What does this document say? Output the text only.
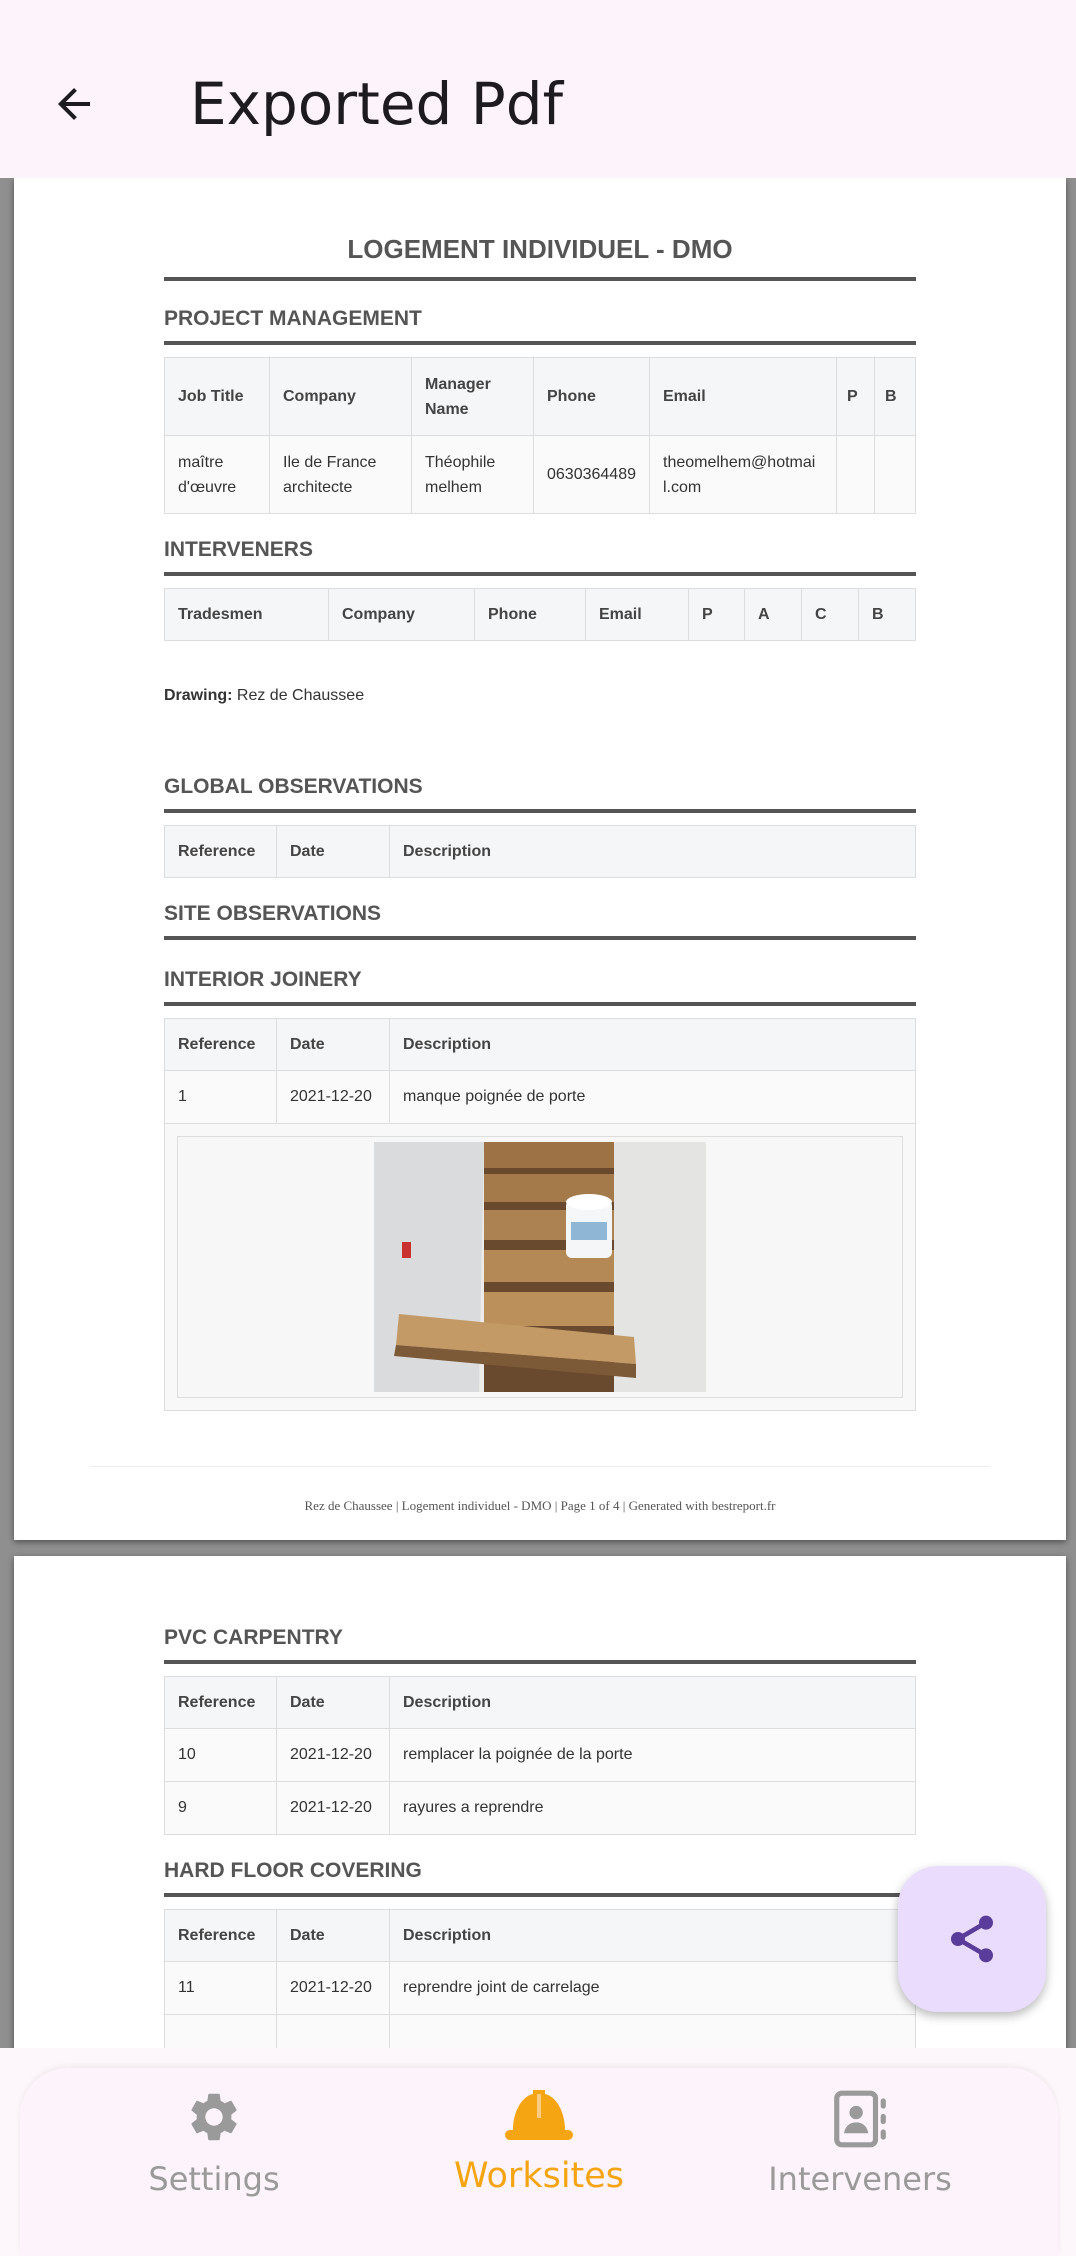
Exported Pdf
LOGEMENT INDIVIDUEL - DMO
PROJECT MANAGEMENT
Job Title	Company	Manager Name	Phone	Email	P	B
maître d'œuvre	Ile de France architecte	Théophile melhem	0630364489	theomelhem@hotmail.com		
INTERVENERS
Tradesmen	Company	Phone	Email	P	A	C	B
Drawing: Rez de Chaussee
GLOBAL OBSERVATIONS
Reference	Date	Description
SITE OBSERVATIONS
INTERIOR JOINERY
Reference	Date	Description
1	2021-12-20	manque poignée de porte

Rez de Chaussee | Logement individuel - DMO | Page 1 of 4 | Generated with bestreport.fr
PVC CARPENTRY
Reference	Date	Description
10	2021-12-20	remplacer la poignée de la porte
9	2021-12-20	rayures a reprendre
HARD FLOOR COVERING
Reference	Date	Description
11	2021-12-20	reprendre joint de carrelage

Settings	Worksites	Interveners
